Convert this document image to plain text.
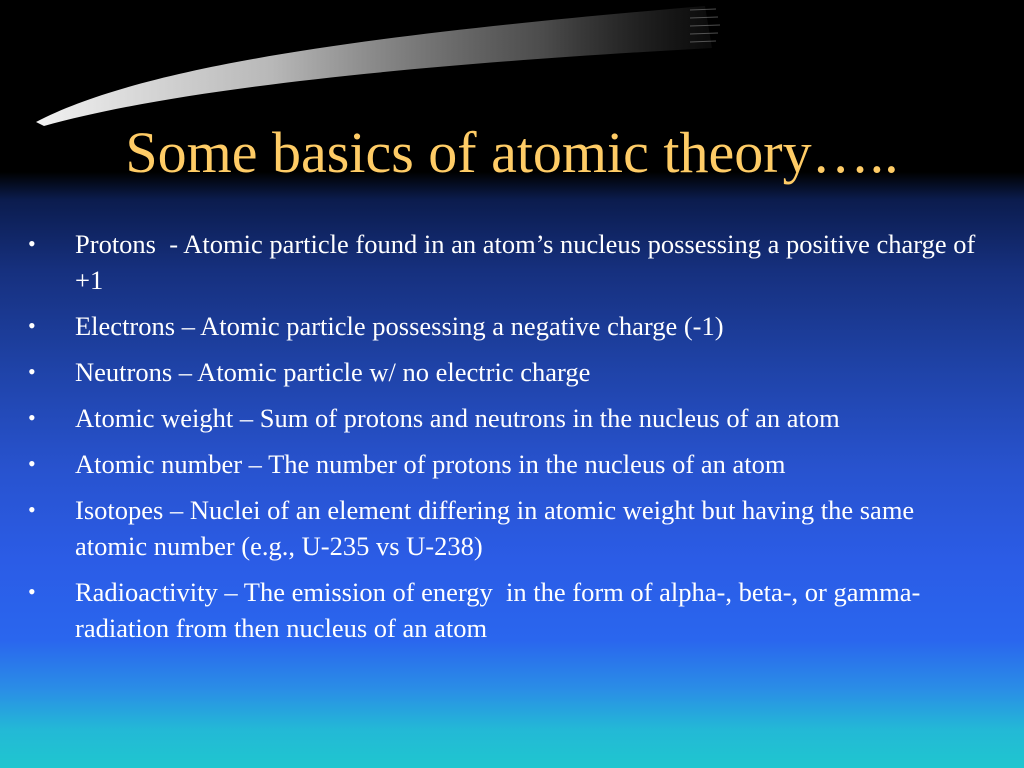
Some basics of atomic theory…..
•	Protons  - Atomic particle found in an atom’s nucleus possessing a positive charge of +1
•	Electrons – Atomic particle possessing a negative charge (-1)
•	Neutrons – Atomic particle w/ no electric charge
•	Atomic weight – Sum of protons and neutrons in the nucleus of an atom
•	Atomic number – The number of protons in the nucleus of an atom
•	Isotopes – Nuclei of an element differing in atomic weight but having the same atomic number (e.g., U-235 vs U-238)
•	Radioactivity – The emission of energy  in the form of alpha-, beta-, or gamma-radiation from then nucleus of an atom
